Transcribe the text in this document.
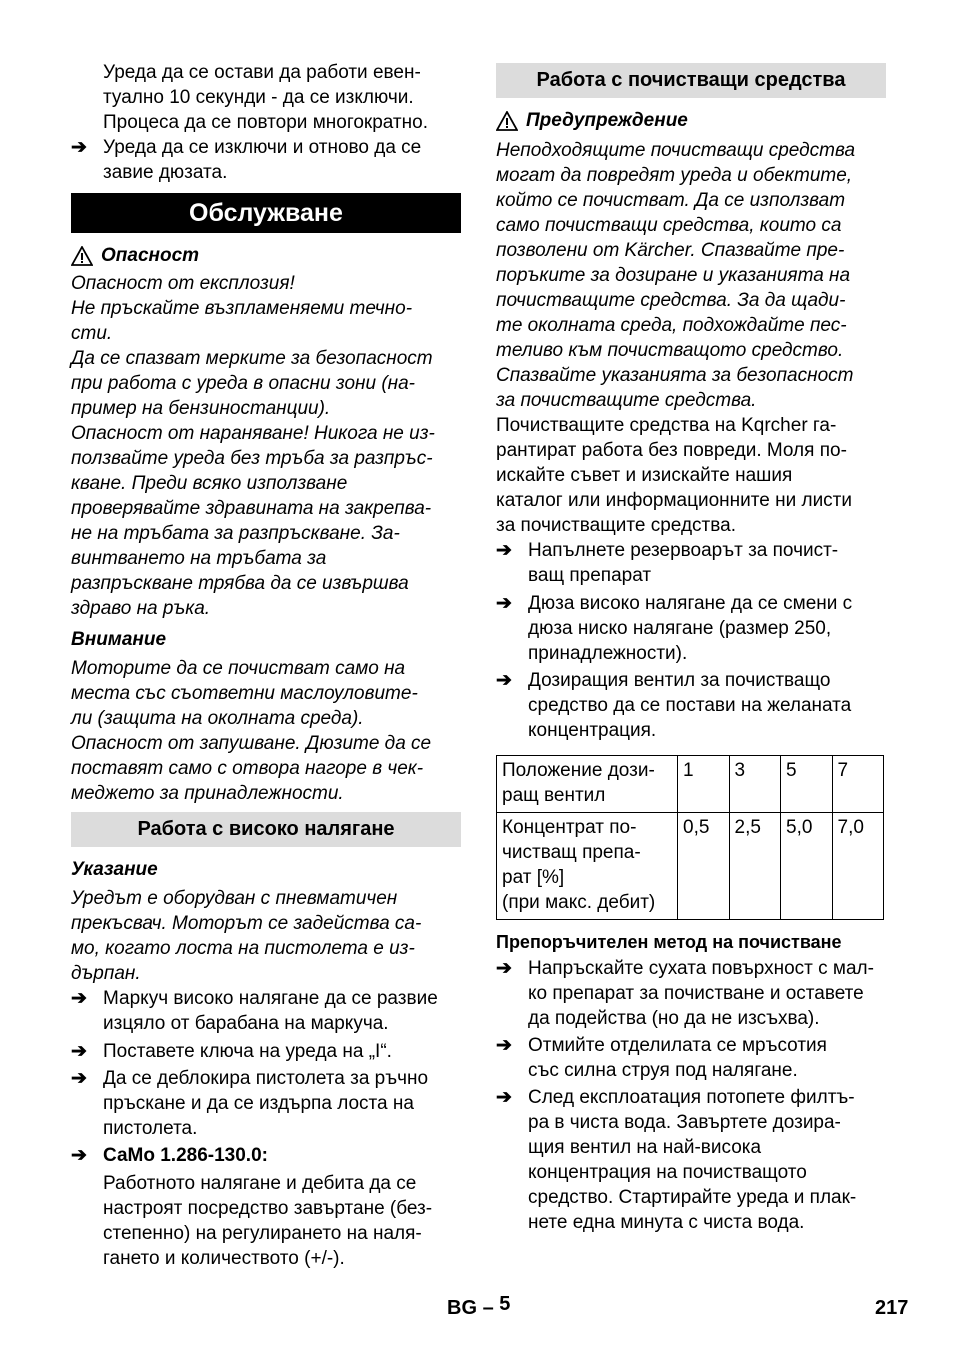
Уреда да се остави да работи евен-

туално 10 секунди - да се изключи.

Процеса да се повтори многократно.

➔ Уреда да се изключи и отново да се

завие дюзата.

Обслужване
Опасност

Опасност от експлозия!

Не пръскайте възпламеняеми течно-

сти.

Да се спазват мерките за безопасност

при работа с уреда в опасни зони (на-

пример на бензиностанции).

Опасност от нараняване! Никога не из-

ползвайте уреда без тръба за разпръс-

кване. Преди всяко използване

проверявайте здравината на закрепва-

не на тръбата за разпръскване. За-

винтването на тръбата за

разпръскване трябва да се извършва

здраво на ръка.

Внимание

Моторите да се почистват само на

места със съответни маслоуловите-

ли (защита на околната среда).

Опасност от запушване. Дюзите да се

поставят само с отвора нагоре в чек-

меджето за принадлежности.

Работа с високо налягане

Указание

Уредът е оборудван с пневматичен

прекъсвач. Моторът се задейства са-

мо, когато лоста на пистолета е из-

дърпан.

➔ Маркуч високо налягане да се развие

изцяло от барабана на маркуча.

➔ Поставете ключа на уреда на „I“.

➔ Да се деблокира пистолета за ръчно

пръскане и да се издърпа лоста на

пистолета.

➔ СаМо 1.286-130.0:

Работното налягане и дебита да се

настроят посредство завъртане (без-

степенно) на регулирането на наля-

гането и количеството (+/-).

Работа с почистващи средства
Предупреждение

Неподходящите почистващи средства

могат да повредят уреда и обектите,

който се почистват. Да се използват

само почистващи средства, които са

позволени от Kärcher. Спазвайте пре-

поръките за дозиране и указанията на

почистващите средства. За да щади-

те околната среда, подхождайте пес-

теливо към почистващото средство.

Спазвайте указанията за безопасност

за почистващите средства.

Почистващите средства на Kqrcher га-

рантират работа без повреди. Моля по-

искайте съвет и изискайте нашия

каталог или информационните ни листи

за почистващите средства.

➔ Напълнете резервоарът за почист-

ващ препарат

➔ Дюза високо налягане да се смени с

дюза ниско налягане (размер 250,

принадлежности).

➔ Дозиращия вентил за почистващо

средство да се постави на желаната

концентрация.

Положение дози-
ращ вентил	1	3	5	7

Концентрат по-
чистващ препа-
рат [%]
(при макс. дебит)	0,5	2,5	5,0	7,0

Препоръчителен метод на почистване

➔ Напръскайте сухата повърхност с мал-

ко препарат за почистване и оставете

да подейства (но да не изсъхва).

➔ Отмийте отделилата се мръсотия

със силна струя под налягане.

➔ След експлоатация потопете филтъ-

ра в чиста вода. Завъртете дозира-

щия вентил на най-висока

концентрация на почистващото

средство. Стартирайте уреда и плак-

нете една минута с чиста вода.

BG – 5	217
